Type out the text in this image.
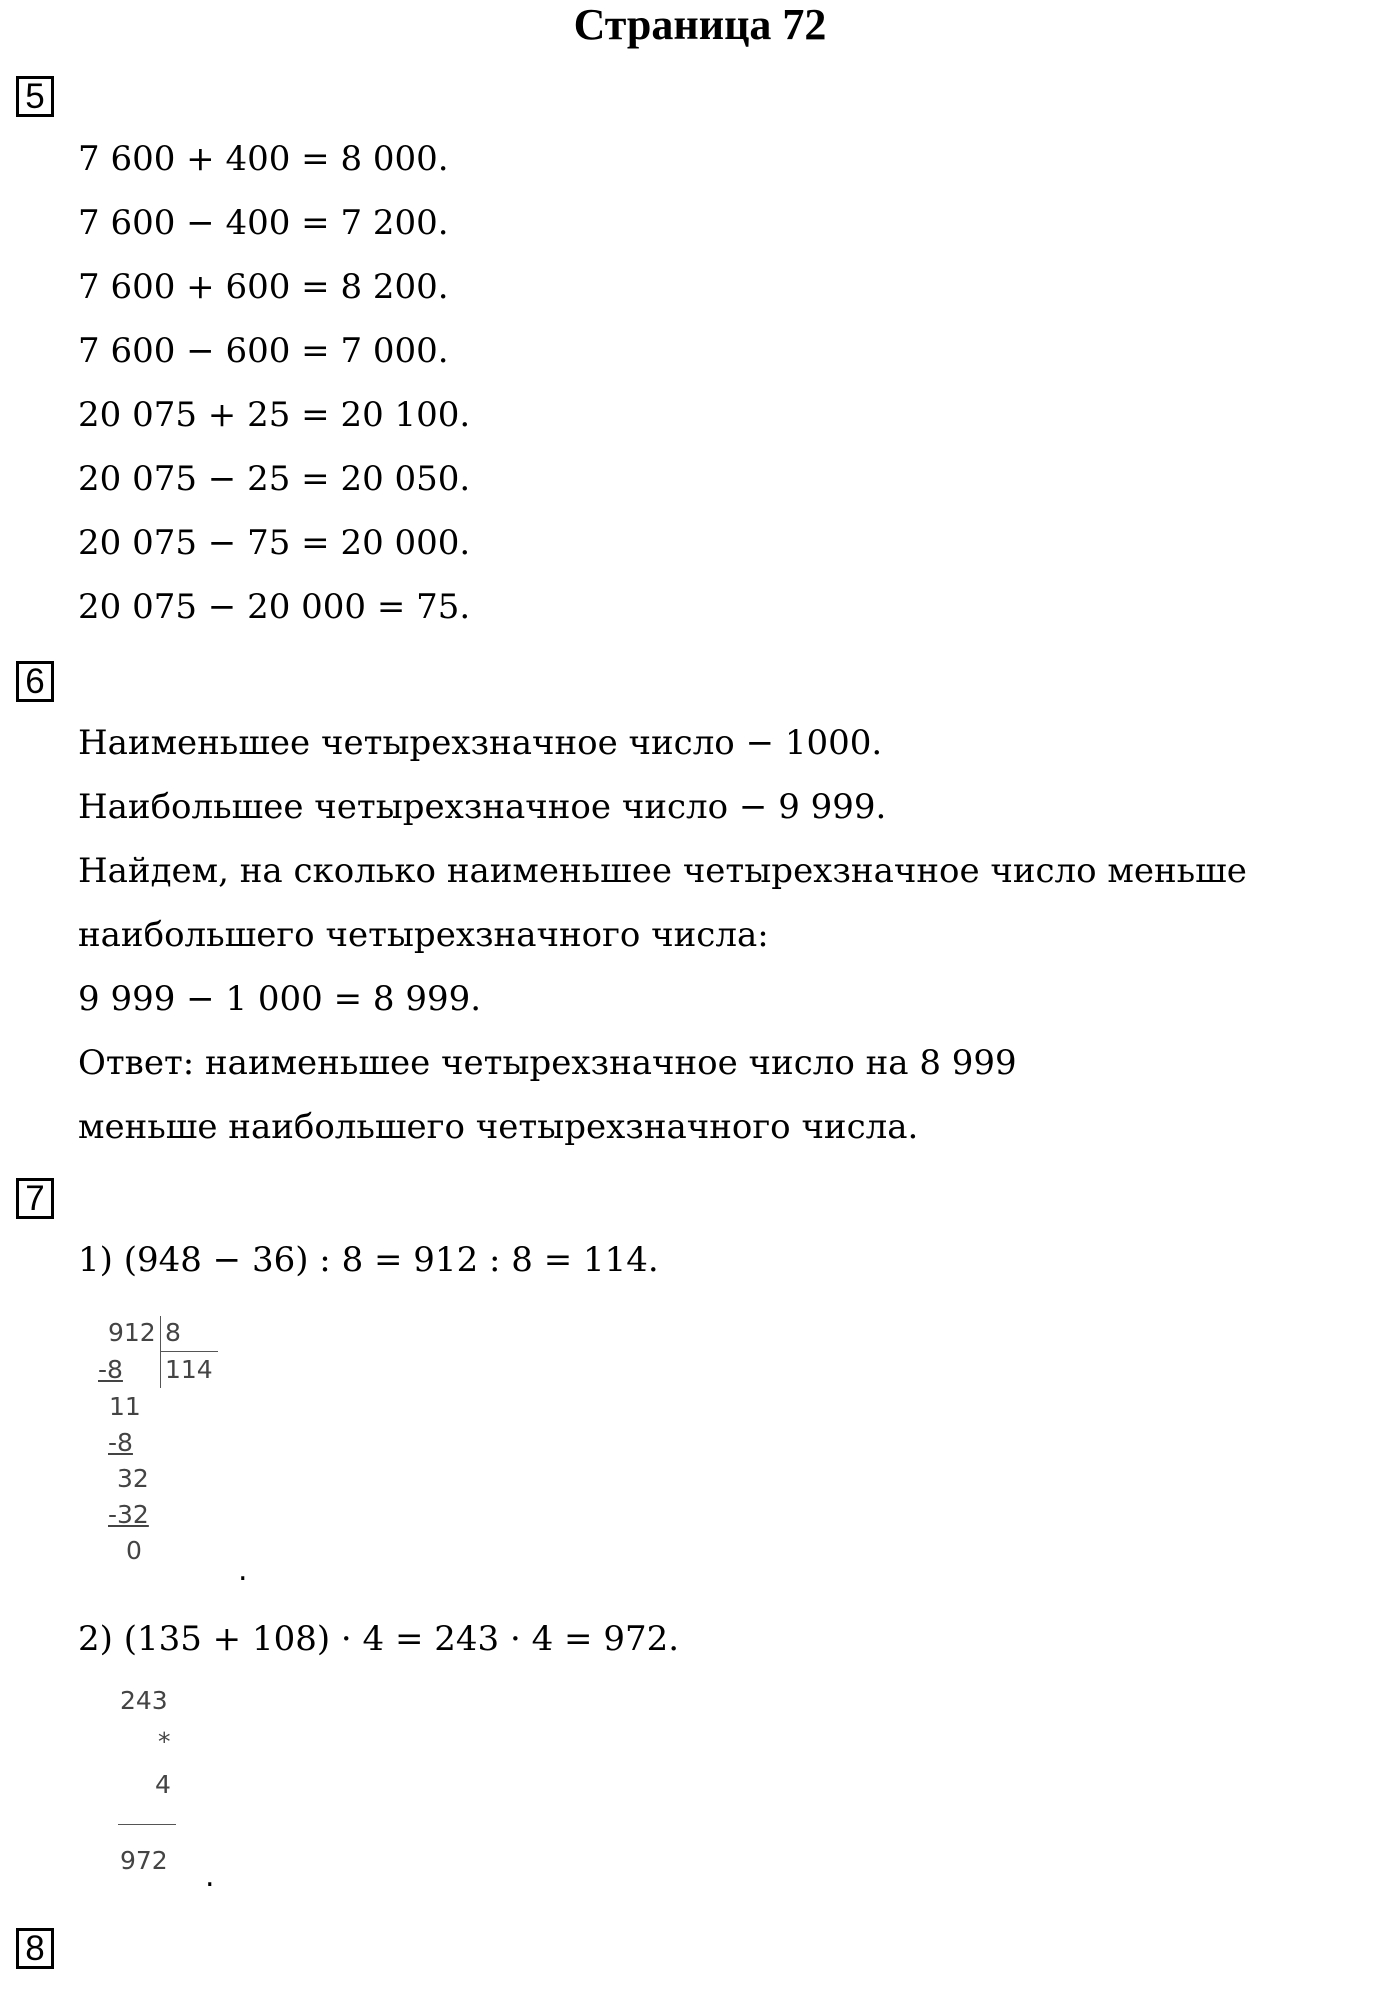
Страница 72
5
7 600 + 400 = 8 000.
7 600 − 400 = 7 200.
7 600 + 600 = 8 200.
7 600 − 600 = 7 000.
20 075 + 25 = 20 100.
20 075 − 25 = 20 050.
20 075 − 75 = 20 000.
20 075 − 20 000 = 75.
6
Наименьшее четырехзначное число − 1000.
Наибольшее четырехзначное число − 9 999.
Найдем, на сколько наименьшее четырехзначное число меньше
наибольшего четырехзначного числа:
9 999 − 1 000 = 8 999.
Ответ: наименьшее четырехзначное число на 8 999
меньше наибольшего четырехзначного числа.
7
1) (948 − 36) : 8 = 912 : 8 = 114.
912 8
114
-8
11
-8
32
-32
0
.
2) (135 + 108) · 4 = 243 · 4 = 972.
243
*
4
972 .
8
